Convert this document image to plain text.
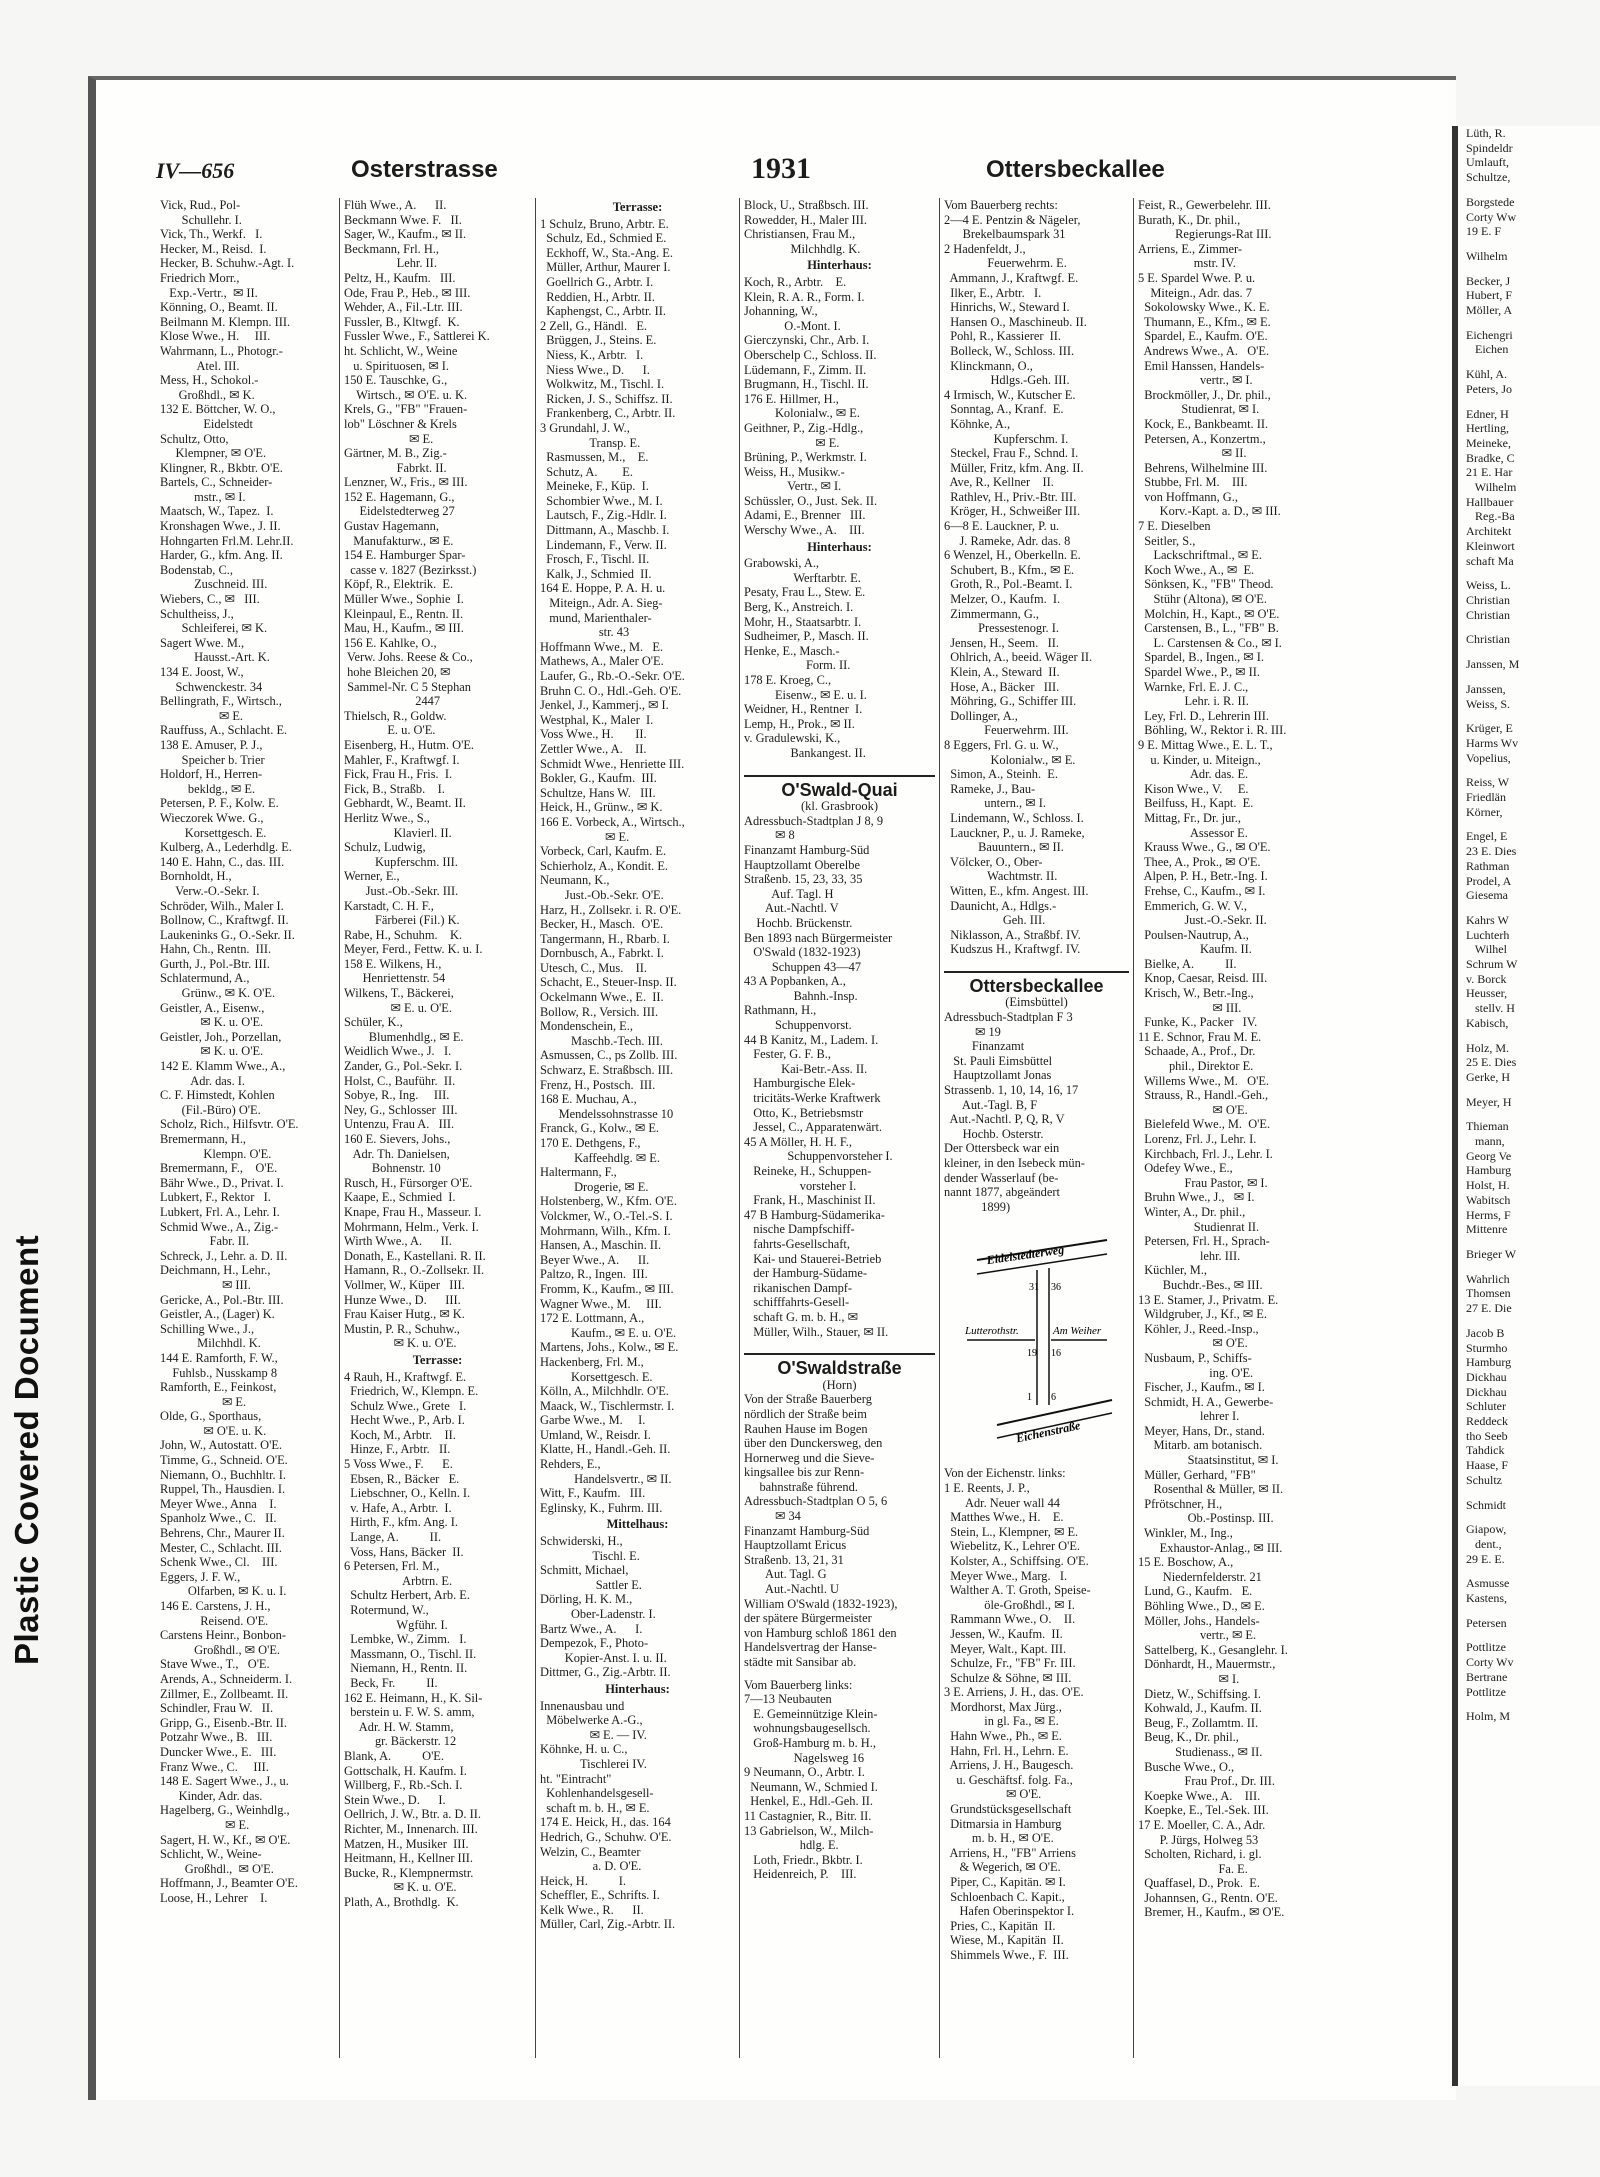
Plastic Covered Document
IV—656	Osterstrasse	1931	Ottersbeckallee
Vick, Rud., Pol-
Schullehr. I.
Vick, Th., Werkf.   I.
Hecker, M., Reisd.  I.
Hecker, B. Schuhw.-Agt. I.
Friedrich Morr.,
Exp.-Vertr.,  ✉ II.
Könning, O., Beamt. II.
Beilmann M. Klempn. III.
Klose Wwe., H.     III.
Wahrmann, L., Photogr.-
Atel. III.
Mess, H., Schokol.-
Großhdl., ✉ K.
132 E. Böttcher, W. O.,
Eidelstedt
Schultz, Otto,
Klempner, ✉ O'E.
Klingner, R., Bkbtr. O'E.
Bartels, C., Schneider-
mstr., ✉ I.
Maatsch, W., Tapez.  I.
Kronshagen Wwe., J. II.
Hohngarten Frl.M. Lehr.II.
Harder, G., kfm. Ang. II.
Bodenstab, C.,
Zuschneid. III.
Wiebers, C., ✉   III.
Schultheiss, J.,
Schleiferei, ✉ K.
Sagert Wwe. M.,
Hausst.-Art. K.
134 E. Joost, W.,
Schwenckestr. 34
Bellingrath, F., Wirtsch.,
✉ E.
Rauffuss, A., Schlacht. E.
138 E. Amuser, P. J.,
Speicher b. Trier
Holdorf, H., Herren-
bekldg., ✉ E.
Petersen, P. F., Kolw. E.
Wieczorek Wwe. G.,
Korsettgesch. E.
Kulberg, A., Lederhdlg. E.
140 E. Hahn, C., das. III.
Bornholdt, H.,
Verw.-O.-Sekr. I.
Schröder, Wilh., Maler I.
Bollnow, C., Kraftwgf. II.
Laukeninks G., O.-Sekr. II.
Hahn, Ch., Rentn.  III.
Gurth, J., Pol.-Btr. III.
Schlatermund, A.,
Grünw., ✉ K. O'E.
Geistler, A., Eisenw.,
✉ K. u. O'E.
Geistler, Joh., Porzellan,
✉ K. u. O'E.
142 E. Klamm Wwe., A.,
Adr. das. I.
C. F. Himstedt, Kohlen
(Fil.-Büro) O'E.
Scholz, Rich., Hilfsvtr. O'E.
Bremermann, H.,
Klempn. O'E.
Bremermann, F.,    O'E.
Bähr Wwe., D., Privat. I.
Lubkert, F., Rektor   I.
Lubkert, Frl. A., Lehr. I.
Schmid Wwe., A., Zig.-
Fabr. II.
Schreck, J., Lehr. a. D. II.
Deichmann, H., Lehr.,
✉ III.
Gericke, A., Pol.-Btr. III.
Geistler, A., (Lager) K.
Schilling Wwe., J.,
Milchhdl. K.
144 E. Ramforth, F. W.,
Fuhlsb., Nusskamp 8
Ramforth, E., Feinkost,
✉ E.
Olde, G., Sporthaus,
✉ O'E. u. K.
John, W., Autostatt. O'E.
Timme, G., Schneid. O'E.
Niemann, O., Buchhltr. I.
Ruppel, Th., Hausdien. I.
Meyer Wwe., Anna    I.
Spanholz Wwe., C.   II.
Behrens, Chr., Maurer II.
Mester, C., Schlacht. III.
Schenk Wwe., Cl.    III.
Eggers, J. F. W.,
Olfarben, ✉ K. u. I.
146 E. Carstens, J. H.,
Reisend. O'E.
Carstens Heinr., Bonbon-
Großhdl., ✉ O'E.
Stave Wwe., T.,   O'E.
Arends, A., Schneiderm. I.
Zillmer, E., Zollbeamt. II.
Schindler, Frau W.   II.
Gripp, G., Eisenb.-Btr. II.
Potzahr Wwe., B.   III.
Duncker Wwe., E.   III.
Franz Wwe., C.     III.
148 E. Sagert Wwe., J., u.
Kinder, Adr. das.
Hagelberg, G., Weinhdlg.,
✉ E.
Sagert, H. W., Kf., ✉ O'E.
Schlicht, W., Weine-
Großhdl.,  ✉ O'E.
Hoffmann, J., Beamter O'E.
Loose, H., Lehrer    I.
Flüh Wwe., A.      II.
Beckmann Wwe. F.   II.
Sager, W., Kaufm., ✉ II.
Beckmann, Frl. H.,
Lehr. II.
Peltz, H., Kaufm.   III.
Ode, Frau P., Heb., ✉ III.
Wehder, A., Fil.-Ltr. III.
Fussler, B., Kltwgf.  K.
Fussler Wwe., F., Sattlerei K.
ht. Schlicht, W., Weine
u. Spirituosen, ✉ I.
150 E. Tauschke, G.,
Wirtsch., ✉ O'E. u. K.
Krels, G., "FB" "Frauen-
lob" Löschner & Krels
✉ E.
Gärtner, M. B., Zig.-
Fabrkt. II.
Lenzner, W., Fris., ✉ III.
152 E. Hagemann, G.,
Eidelstedterweg 27
Gustav Hagemann,
Manufakturw., ✉ E.
154 E. Hamburger Spar-
casse v. 1827 (Bezirksst.)
Köpf, R., Elektrik.  E.
Müller Wwe., Sophie  I.
Kleinpaul, E., Rentn. II.
Mau, H., Kaufm., ✉ III.
156 E. Kahlke, O.,
Verw. Johs. Reese & Co.,
hohe Bleichen 20, ✉
Sammel-Nr. C 5 Stephan
2447
Thielsch, R., Goldw.
E. u. O'E.
Eisenberg, H., Hutm. O'E.
Mahler, F., Kraftwgf. I.
Fick, Frau H., Fris.  I.
Fick, B., Straßb.    I.
Gebhardt, W., Beamt. II.
Herlitz Wwe., S.,
Klavierl. II.
Schulz, Ludwig,
Kupferschm. III.
Werner, E.,
Just.-Ob.-Sekr. III.
Karstadt, C. H. F.,
Färberei (Fil.) K.
Rabe, H., Schuhm.    K.
Meyer, Ferd., Fettw. K. u. I.
158 E. Wilkens, H.,
Henriettenstr. 54
Wilkens, T., Bäckerei,
✉ E. u. O'E.
Schüler, K.,
Blumenhdlg., ✉ E.
Weidlich Wwe., J.   I.
Zander, G., Pol.-Sekr. I.
Holst, C., Bauführ.  II.
Sobye, R., Ing.     III.
Ney, G., Schlosser  III.
Untenzu, Frau A.   III.
160 E. Sievers, Johs.,
Adr. Th. Danielsen,
Bohnenstr. 10
Rusch, H., Fürsorger O'E.
Kaape, E., Schmied  I.
Knape, Frau H., Masseur. I.
Mohrmann, Helm., Verk. I.
Wirth Wwe., A.      II.
Donath, E., Kastellani. R. II.
Hamann, R., O.-Zollsekr. II.
Vollmer, W., Küper   III.
Hunze Wwe., D.      III.
Frau Kaiser Hutg., ✉ K.
Mustin, P. R., Schuhw.,
✉ K. u. O'E.
Terrasse:
4 Rauh, H., Kraftwgf. E.
Friedrich, W., Klempn. E.
Schulz Wwe., Grete   I.
Hecht Wwe., P., Arb. I.
Koch, M., Arbtr.    II.
Hinze, F., Arbtr.   II.
5 Voss Wwe., F.      E.
Ebsen, R., Bäcker   E.
Liebschner, O., Kelln. I.
v. Hafe, A., Arbtr.  I.
Hirth, F., kfm. Ang. I.
Lange, A.          II.
Voss, Hans, Bäcker  II.
6 Petersen, Frl. M.,
Arbtrn. E.
Schultz Herbert, Arb. E.
Rotermund, W.,
Wgführ. I.
Lembke, W., Zimm.   I.
Massmann, O., Tischl. II.
Niemann, H., Rentn. II.
Beck, Fr.          II.
162 E. Heimann, H., K. Sil-
berstein u. F. W. S. amm,
Adr. H. W. Stamm,
gr. Bäckerstr. 12
Blank, A.          O'E.
Gottschalk, H. Kaufm. I.
Willberg, F., Rb.-Sch. I.
Stein Wwe., D.      I.
Oellrich, J. W., Btr. a. D. II.
Richter, M., Innenarch. III.
Matzen, H., Musiker  III.
Heitmann, H., Kellner III.
Bucke, R., Klempnermstr.
✉ K. u. O'E.
Plath, A., Brothdlg.  K.
Terrasse:
1 Schulz, Bruno, Arbtr. E.
Schulz, Ed., Schmied E.
Eckhoff, W., Sta.-Ang. E.
Müller, Arthur, Maurer I.
Goellrich G., Arbtr. I.
Reddien, H., Arbtr. II.
Kaphengst, C., Arbtr. II.
2 Zell, G., Händl.   E.
Brüggen, J., Steins. E.
Niess, K., Arbtr.   I.
Niess Wwe., D.      I.
Wolkwitz, M., Tischl. I.
Ricken, J. S., Schiffsz. II.
Frankenberg, C., Arbtr. II.
3 Grundahl, J. W.,
Transp. E.
Rasmussen, M.,    E.
Schutz, A.        E.
Meineke, F., Küp.  I.
Schombier Wwe., M. I.
Lautsch, F., Zig.-Hdlr. I.
Dittmann, A., Maschb. I.
Lindemann, F., Verw. II.
Frosch, F., Tischl. II.
Kalk, J., Schmied  II.
164 E. Hoppe, P. A. H. u.
Miteign., Adr. A. Sieg-
mund, Marienthaler-
str. 43
Hoffmann Wwe., M.   E.
Mathews, A., Maler O'E.
Laufer, G., Rb.-O.-Sekr. O'E.
Bruhn C. O., Hdl.-Geh. O'E.
Jenkel, J., Kammerj., ✉ I.
Westphal, K., Maler  I.
Voss Wwe., H.       II.
Zettler Wwe., A.    II.
Schmidt Wwe., Henriette III.
Bokler, G., Kaufm.  III.
Schultze, Hans W.   III.
Heick, H., Grünw., ✉ K.
166 E. Vorbeck, A., Wirtsch.,
✉ E.
Vorbeck, Carl, Kaufm. E.
Schierholz, A., Kondit. E.
Neumann, K.,
Just.-Ob.-Sekr. O'E.
Harz, H., Zollsekr. i. R. O'E.
Becker, H., Masch.  O'E.
Tangermann, H., Rbarb. I.
Dornbusch, A., Fabrkt. I.
Utesch, C., Mus.    II.
Schacht, E., Steuer-Insp. II.
Ockelmann Wwe., E.  II.
Bollow, R., Versich. III.
Mondenschein, E.,
Maschb.-Tech. III.
Asmussen, C., ps Zollb. III.
Schwarz, E. Straßbsch. III.
Frenz, H., Postsch.  III.
168 E. Muchau, A.,
Mendelssohnstrasse 10
Franck, G., Kolw., ✉ E.
170 E. Dethgens, F.,
Kaffeehdlg. ✉ E.
Haltermann, F.,
Drogerie, ✉ E.
Holstenberg, W., Kfm. O'E.
Volckmer, W., O.-Tel.-S. I.
Mohrmann, Wilh., Kfm. I.
Hansen, A., Maschin. II.
Beyer Wwe., A.      II.
Paltzo, R., Ingen.  III.
Fromm, K., Kaufm., ✉ III.
Wagner Wwe., M.     III.
172 E. Lottmann, A.,
Kaufm., ✉ E. u. O'E.
Martens, Johs., Kolw., ✉ E.
Hackenberg, Frl. M.,
Korsettgesch. E.
Kölln, A., Milchhdlr. O'E.
Maack, W., Tischlermstr. I.
Garbe Wwe., M.     I.
Umland, W., Reisdr. I.
Klatte, H., Handl.-Geh. II.
Rehders, E.,
Handelsvertr., ✉ II.
Witt, F., Kaufm.   III.
Eglinsky, K., Fuhrm. III.
Mittelhaus:
Schwiderski, H.,
Tischl. E.
Schmitt, Michael,
Sattler E.
Dörling, H. K. M.,
Ober-Ladenstr. I.
Bartz Wwe., A.      I.
Dempezok, F., Photo-
Kopier-Anst. I. u. II.
Dittmer, G., Zig.-Arbtr. II.
Hinterhaus:
Innenausbau und
Möbelwerke A.-G.,
✉ E. — IV.
Köhnke, H. u. C.,
Tischlerei IV.
ht. "Eintracht"
Kohlenhandelsgesell-
schaft m. b. H., ✉ E.
174 E. Heick, H., das. 164
Hedrich, G., Schuhw. O'E.
Welzin, C., Beamter
a. D. O'E.
Heick, H.          I.
Scheffler, E., Schrifts. I.
Kelk Wwe., R.      II.
Müller, Carl, Zig.-Arbtr. II.
Block, U., Straßbsch. III.
Rowedder, H., Maler III.
Christiansen, Frau M.,
Milchhdlg. K.
Hinterhaus:
Koch, R., Arbtr.    E.
Klein, R. A. R., Form. I.
Johanning, W.,
O.-Mont. I.
Gierczynski, Chr., Arb. I.
Oberschelp C., Schloss. II.
Lüdemann, F., Zimm. II.
Brugmann, H., Tischl. II.
176 E. Hillmer, H.,
Kolonialw., ✉ E.
Geithner, P., Zig.-Hdlg.,
✉ E.
Brüning, P., Werkmstr. I.
Weiss, H., Musikw.-
Vertr., ✉ I.
Schüssler, O., Just. Sek. II.
Adami, E., Brenner   III.
Werschy Wwe., A.    III.
Hinterhaus:
Grabowski, A.,
Werftarbtr. E.
Pesaty, Frau L., Stew. E.
Berg, K., Anstreich. I.
Mohr, H., Staatsarbtr. I.
Sudheimer, P., Masch. II.
Henke, E., Masch.-
Form. II.
178 E. Kroeg, C.,
Eisenw., ✉ E. u. I.
Weidner, H., Rentner  I.
Lemp, H., Prok., ✉ II.
v. Gradulewski, K.,
Bankangest. II.
O'Swald-Quai
(kl. Grasbrook)
Adressbuch-Stadtplan J 8, 9
✉ 8
Finanzamt Hamburg-Süd
Hauptzollamt Oberelbe
Straßenb. 15, 23, 33, 35
Auf. Tagl. H
Aut.-Nachtl. V
Hochb. Brückenstr.
Ben 1893 nach Bürgermeister
O'Swald (1832-1923)
Schuppen 43—47
43 A Popbanken, A.,
Bahnh.-Insp.
Rathmann, H.,
Schuppenvorst.
44 B Kanitz, M., Ladem. I.
Fester, G. F. B.,
Kai-Betr.-Ass. II.
Hamburgische Elek-
tricitäts-Werke Kraftwerk
Otto, K., Betriebsmstr
Jessel, C., Apparatenwärt.
45 A Möller, H. H. F.,
Schuppenvorsteher I.
Reineke, H., Schuppen-
vorsteher I.
Frank, H., Maschinist II.
47 B Hamburg-Südamerika-
nische Dampfschiff-
fahrts-Gesellschaft,
Kai- und Stauerei-Betrieb
der Hamburg-Südame-
rikanischen Dampf-
schifffahrts-Gesell-
schaft G. m. b. H., ✉
Müller, Wilh., Stauer, ✉ II.
O'Swaldstraße
(Horn)
Von der Straße Bauerberg
nördlich der Straße beim
Rauhen Hause im Bogen
über den Dunckersweg, den
Hornerweg und die Sieve-
kingsallee bis zur Renn-
bahnstraße führend.
Adressbuch-Stadtplan O 5, 6
✉ 34
Finanzamt Hamburg-Süd
Hauptzollamt Ericus
Straßenb. 13, 21, 31
Aut. Tagl. G
Aut.-Nachtl. U
William O'Swald (1832-1923),
der spätere Bürgermeister
von Hamburg schloß 1861 den
Handelsvertrag der Hanse-
städte mit Sansibar ab.
Vom Bauerberg links:
7—13 Neubauten
E. Gemeinnützige Klein-
wohnungsbaugesellsch.
Groß-Hamburg m. b. H.,
Nagelsweg 16
9 Neumann, O., Arbtr. I.
Neumann, W., Schmied I.
Henkel, E., Hdl.-Geh. II.
11 Castagnier, R., Bitr. II.
13 Gabrielson, W., Milch-
hdlg. E.
Loth, Friedr., Bkbtr. I.
Heidenreich, P.    III.
Vom Bauerberg rechts:
2—4 E. Pentzin & Nägeler,
Brekelbaumspark 31
2 Hadenfeldt, J.,
Feuerwehrm. E.
Ammann, J., Kraftwgf. E.
Ilker, E., Arbtr.   I.
Hinrichs, W., Steward I.
Hansen O., Maschineub. II.
Pohl, R., Kassierer  II.
Bolleck, W., Schloss. III.
Klinckmann, O.,
Hdlgs.-Geh. III.
4 Irmisch, W., Kutscher E.
Sonntag, A., Kranf.  E.
Köhnke, A.,
Kupferschm. I.
Steckel, Frau F., Schnd. I.
Müller, Fritz, kfm. Ang. II.
Ave, R., Kellner    II.
Rathlev, H., Priv.-Btr. III.
Kröger, H., Schweißer III.
6—8 E. Lauckner, P. u.
J. Rameke, Adr. das. 8
6 Wenzel, H., Oberkelln. E.
Schubert, B., Kfm., ✉ E.
Groth, R., Pol.-Beamt. I.
Melzer, O., Kaufm.  I.
Zimmermann, G.,
Pressestenogr. I.
Jensen, H., Seem.   II.
Ohlrich, A., beeid. Wäger II.
Klein, A., Steward  II.
Hose, A., Bäcker   III.
Möhring, G., Schiffer III.
Dollinger, A.,
Feuerwehrm. III.
8 Eggers, Frl. G. u. W.,
Kolonialw., ✉ E.
Simon, A., Steinh.  E.
Rameke, J., Bau-
untern., ✉ I.
Lindemann, W., Schloss. I.
Lauckner, P., u. J. Rameke,
Bauuntern., ✉ II.
Völcker, O., Ober-
Wachtmstr. II.
Witten, E., kfm. Angest. III.
Daunicht, A., Hdlgs.-
Geh. III.
Niklasson, A., Straßbf. IV.
Kudszus H., Kraftwgf. IV.
Ottersbeckallee
(Eimsbüttel)
Adressbuch-Stadtplan F 3
✉ 19
Finanzamt
St. Pauli Eimsbüttel
Hauptzollamt Jonas
Strassenb. 1, 10, 14, 16, 17
Aut.-Tagl. B, F
Aut.-Nachtl. P, Q, R, V
Hochb. Osterstr.
Der Ottersbeck war ein
kleiner, in den Isebeck mün-
dender Wasserlauf (be-
nannt 1877, abgeändert
1899)
Eidelstedterweg
31 36
Lutterothstr.	Am Weiher
19 16
6
1
Eichenstraße
Von der Eichenstr. links:
1 E. Reents, J. P.,
Adr. Neuer wall 44
Matthes Wwe., H.    E.
Stein, L., Klempner, ✉ E.
Wiebelitz, K., Lehrer O'E.
Kolster, A., Schiffsing. O'E.
Meyer Wwe., Marg.   I.
Walther A. T. Groth, Speise-
öle-Großhdl., ✉ I.
Rammann Wwe., O.    II.
Jessen, W., Kaufm.  II.
Meyer, Walt., Kapt. III.
Schulze, Fr., "FB" Fr. III.
Schulze & Söhne, ✉ III.
3 E. Arriens, J. H., das. O'E.
Mordhorst, Max Jürg.,
in gl. Fa., ✉ E.
Hahn Wwe., Ph., ✉ E.
Hahn, Frl. H., Lehrn. E.
Arriens, J. H., Baugesch.
u. Geschäftsf. folg. Fa.,
✉ O'E.
Grundstücksgesellschaft
Ditmarsia in Hamburg
m. b. H., ✉ O'E.
Arriens, H., "FB" Arriens
& Wegerich, ✉ O'E.
Piper, C., Kapitän. ✉ I.
Schloenbach C. Kapit.,
Hafen Oberinspektor I.
Pries, C., Kapitän  II.
Wiese, M., Kapitän  II.
Shimmels Wwe., F.  III.
Feist, R., Gewerbelehr. III.
Burath, K., Dr. phil.,
Regierungs-Rat III.
Arriens, E., Zimmer-
mstr. IV.
5 E. Spardel Wwe. P. u.
Miteign., Adr. das. 7
Sokolowsky Wwe., K. E.
Thumann, E., Kfm., ✉ E.
Spardel, E., Kaufm. O'E.
Andrews Wwe., A.   O'E.
Emil Hanssen, Handels-
vertr., ✉ I.
Brockmöller, J., Dr. phil.,
Studienrat, ✉ I.
Kock, E., Bankbeamt. II.
Petersen, A., Konzertm.,
✉ II.
Behrens, Wilhelmine III.
Stubbe, Frl. M.    III.
von Hoffmann, G.,
Korv.-Kapt. a. D., ✉ III.
7 E. Dieselben
Seitler, S.,
Lackschriftmal., ✉ E.
Koch Wwe., A., ✉  E.
Sönksen, K., "FB" Theod.
Stühr (Altona), ✉ O'E.
Molchin, H., Kapt., ✉ O'E.
Carstensen, B., L., "FB" B.
L. Carstensen & Co., ✉ I.
Spardel, B., Ingen., ✉ I.
Spardel Wwe., P., ✉ II.
Warnke, Frl. E. J. C.,
Lehr. i. R. II.
Ley, Frl. D., Lehrerin III.
Böhling, W., Rektor i. R. III.
9 E. Mittag Wwe., E. L. T.,
u. Kinder, u. Miteign.,
Adr. das. E.
Kison Wwe., V.     E.
Beilfuss, H., Kapt.  E.
Mittag, Fr., Dr. jur.,
Assessor E.
Krauss Wwe., G., ✉ O'E.
Thee, A., Prok., ✉ O'E.
Alpen, P. H., Betr.-Ing. I.
Frehse, C., Kaufm., ✉ I.
Emmerich, G. W. V.,
Just.-O.-Sekr. II.
Poulsen-Nautrup, A.,
Kaufm. II.
Bielke, A.          II.
Knop, Caesar, Reisd. III.
Krisch, W., Betr.-Ing.,
✉ III.
Funke, K., Packer   IV.
11 E. Schnor, Frau M. E.
Schaade, A., Prof., Dr.
phil., Direktor E.
Willems Wwe., M.   O'E.
Strauss, R., Handl.-Geh.,
✉ O'E.
Bielefeld Wwe., M.  O'E.
Lorenz, Frl. J., Lehr. I.
Kirchbach, Frl. J., Lehr. I.
Odefey Wwe., E.,
Frau Pastor, ✉ I.
Bruhn Wwe., J.,   ✉ I.
Winter, A., Dr. phil.,
Studienrat II.
Petersen, Frl. H., Sprach-
lehr. III.
Küchler, M.,
Buchdr.-Bes., ✉ III.
13 E. Stamer, J., Privatm. E.
Wildgruber, J., Kf., ✉ E.
Köhler, J., Reed.-Insp.,
✉ O'E.
Nusbaum, P., Schiffs-
ing. O'E.
Fischer, J., Kaufm., ✉ I.
Schmidt, H. A., Gewerbe-
lehrer I.
Meyer, Hans, Dr., stand.
Mitarb. am botanisch.
Staatsinstitut, ✉ I.
Müller, Gerhard, "FB"
Rosenthal & Müller, ✉ II.
Pfrötschner, H.,
Ob.-Postinsp. III.
Winkler, M., Ing.,
Exhaustor-Anlag., ✉ III.
15 E. Boschow, A.,
Niedernfelderstr. 21
Lund, G., Kaufm.   E.
Böhling Wwe., D., ✉ E.
Möller, Johs., Handels-
vertr., ✉ E.
Sattelberg, K., Gesanglehr. I.
Dönhardt, H., Mauermstr.,
✉ I.
Dietz, W., Schiffsing. I.
Kohwald, J., Kaufm. II.
Beug, F., Zollamtm. II.
Beug, K., Dr. phil.,
Studienass., ✉ II.
Busche Wwe., O.,
Frau Prof., Dr. III.
Koepke Wwe., A.    III.
Koepke, E., Tel.-Sek. III.
17 E. Moeller, C. A., Adr.
P. Jürgs, Holweg 53
Scholten, Richard, i. gl.
Fa. E.
Quaffasel, D., Prok.  E.
Johannsen, G., Rentn. O'E.
Bremer, H., Kaufm., ✉ O'E.
Lüth, R.
Spindeldr
Umlauft,
Schultze,
Borgstede
Corty Ww
19 E. F
Wilhelm
Becker, J
Hubert, F
Möller, A
Eichengri
Eichen
Kühl, A.
Peters, Jo
Edner, H
Hertling,
Meineke,
Bradke, C
21 E. Har
Wilhelm
Hallbauer
Reg.-Ba
Architekt
Kleinwort
schaft Ma
Weiss, L.
Christian
Christian
Christian
Janssen, M
Janssen,
Weiss, S.
Krüger, E
Harms Wv
Vopelius,
Reiss, W
Friedlän
Körner,
Engel, E
23 E. Dies
Rathman
Prodel, A
Giesema
Kahrs W
Luchterh
Wilhel
Schrum W
v. Borck
Heusser,
stellv. H
Kabisch,
Holz, M.
25 E. Dies
Gerke, H
Meyer, H
Thieman
mann,
Georg Ve
Hamburg
Holst, H.
Wabitsch
Herms, F
Mittenre
Brieger W
Wahrlich
Thomsen
27 E. Die
Jacob B
Sturmho
Hamburg
Dickhau
Dickhau
Schluter
Reddeck
tho Seeb
Tahdick
Haase, F
Schultz
Schmidt
Giapow,
dent.,
29 E. E.
Asmusse
Kastens,
Petersen
Pottlitze
Corty Wv
Bertrane
Pottlitze
Holm, M
